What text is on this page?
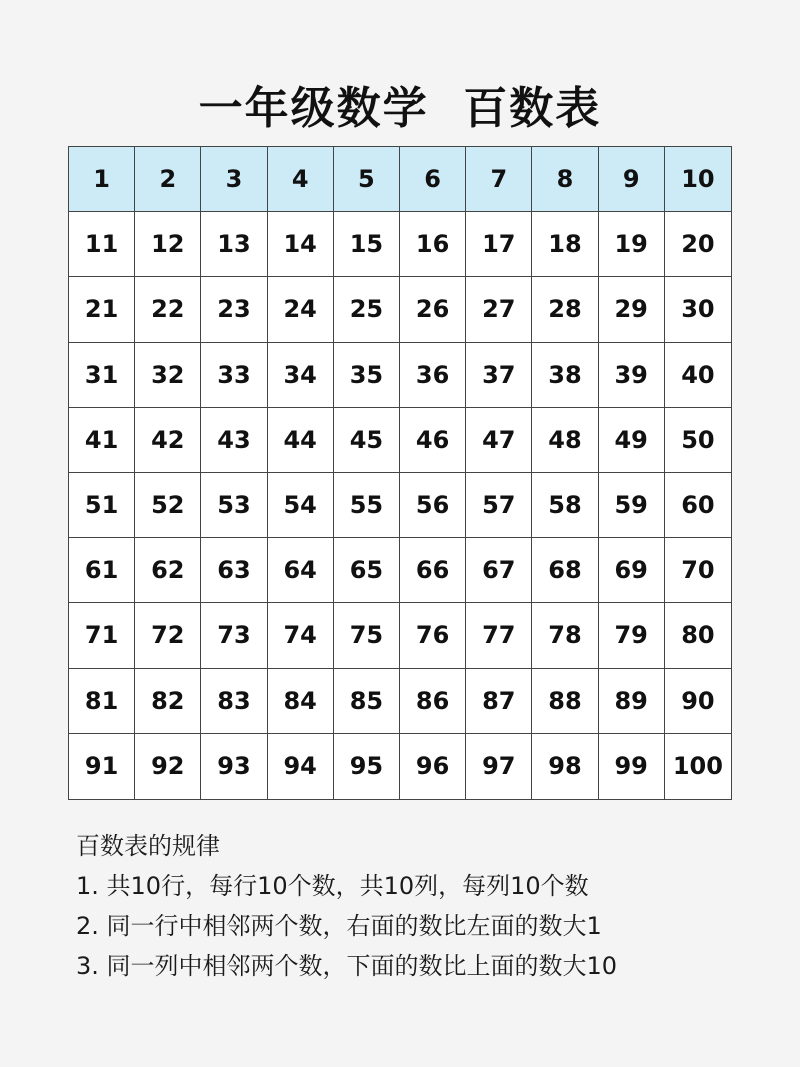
一年级数学  百数表
1	2	3	4	5	6	7	8	9	10
11	12	13	14	15	16	17	18	19	20
21	22	23	24	25	26	27	28	29	30
31	32	33	34	35	36	37	38	39	40
41	42	43	44	45	46	47	48	49	50
51	52	53	54	55	56	57	58	59	60
61	62	63	64	65	66	67	68	69	70
71	72	73	74	75	76	77	78	79	80
81	82	83	84	85	86	87	88	89	90
91	92	93	94	95	96	97	98	99	100
百数表的规律
1. 共10行，每行10个数，共10列，每列10个数
2. 同一行中相邻两个数，右面的数比左面的数大1
3. 同一列中相邻两个数，下面的数比上面的数大10
